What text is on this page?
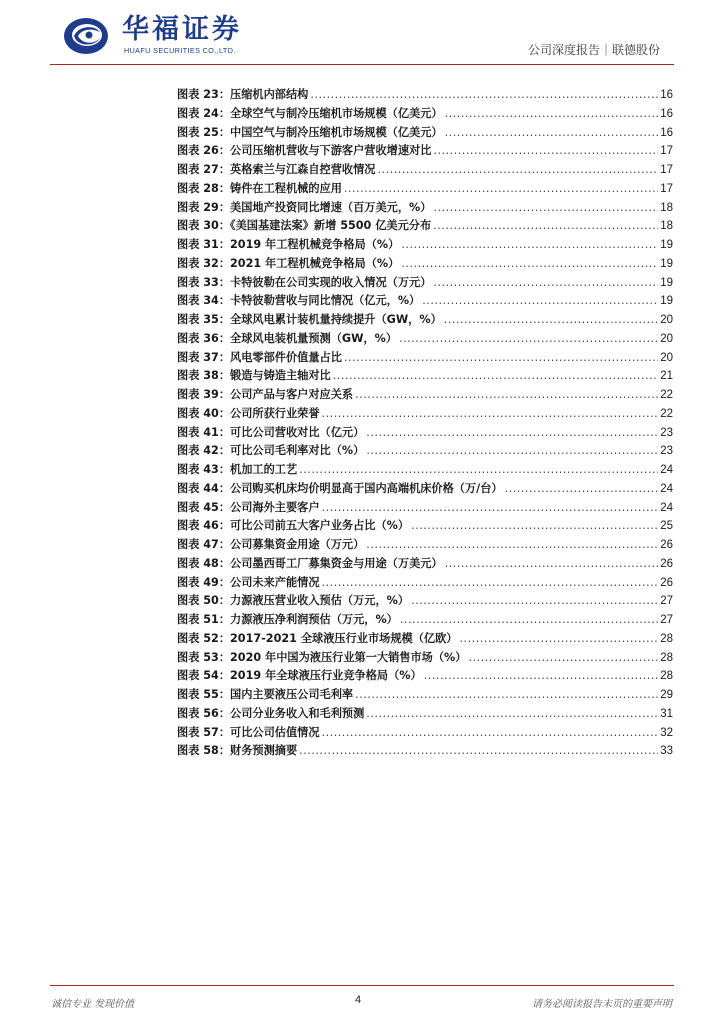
华福证券
HUAFU SECURITIES CO.,LTD.	公司深度报告｜联德股份
图表 23：压缩机内部结构 .....	16
图表 24：全球空气与制冷压缩机市场规模（亿美元） .....	16
图表 25：中国空气与制冷压缩机市场规模（亿美元） .....	16
图表 26：公司压缩机营收与下游客户营收增速对比 .....	17
图表 27：英格索兰与江森自控营收情况 .....	17
图表 28：铸件在工程机械的应用 .....	17
图表 29：美国地产投资同比增速（百万美元，%） .....	18
图表 30：《美国基建法案》新增 5500 亿美元分布 .....	18
图表 31：2019 年工程机械竞争格局（%） .....	19
图表 32：2021 年工程机械竞争格局（%） .....	19
图表 33：卡特彼勒在公司实现的收入情况（万元） .....	19
图表 34：卡特彼勒营收与同比情况（亿元，%） .....	19
图表 35：全球风电累计装机量持续提升（GW，%） .....	20
图表 36：全球风电装机量预测（GW，%） .....	20
图表 37：风电零部件价值量占比 .....	20
图表 38：锻造与铸造主轴对比 .....	21
图表 39：公司产品与客户对应关系 .....	22
图表 40：公司所获行业荣誉 .....	22
图表 41：可比公司营收对比（亿元） .....	23
图表 42：可比公司毛利率对比（%） .....	23
图表 43：机加工的工艺 .....	24
图表 44：公司购买机床均价明显高于国内高端机床价格（万/台） .....	24
图表 45：公司海外主要客户 .....	24
图表 46：可比公司前五大客户业务占比（%） .....	25
图表 47：公司募集资金用途（万元） .....	26
图表 48：公司墨西哥工厂募集资金与用途（万美元） .....	26
图表 49：公司未来产能情况 .....	26
图表 50：力源液压营业收入预估（万元，%） .....	27
图表 51：力源液压净利润预估（万元，%） .....	27
图表 52：2017-2021 全球液压行业市场规模（亿欧） .....	28
图表 53：2020 年中国为液压行业第一大销售市场（%） .....	28
图表 54：2019 年全球液压行业竞争格局（%） .....	28
图表 55：国内主要液压公司毛利率 .....	29
图表 56：公司分业务收入和毛利预测 .....	31
图表 57：可比公司估值情况 .....	32
图表 58：财务预测摘要 .....	33
诚信专业 发现价值	4	请务必阅读报告末页的重要声明
